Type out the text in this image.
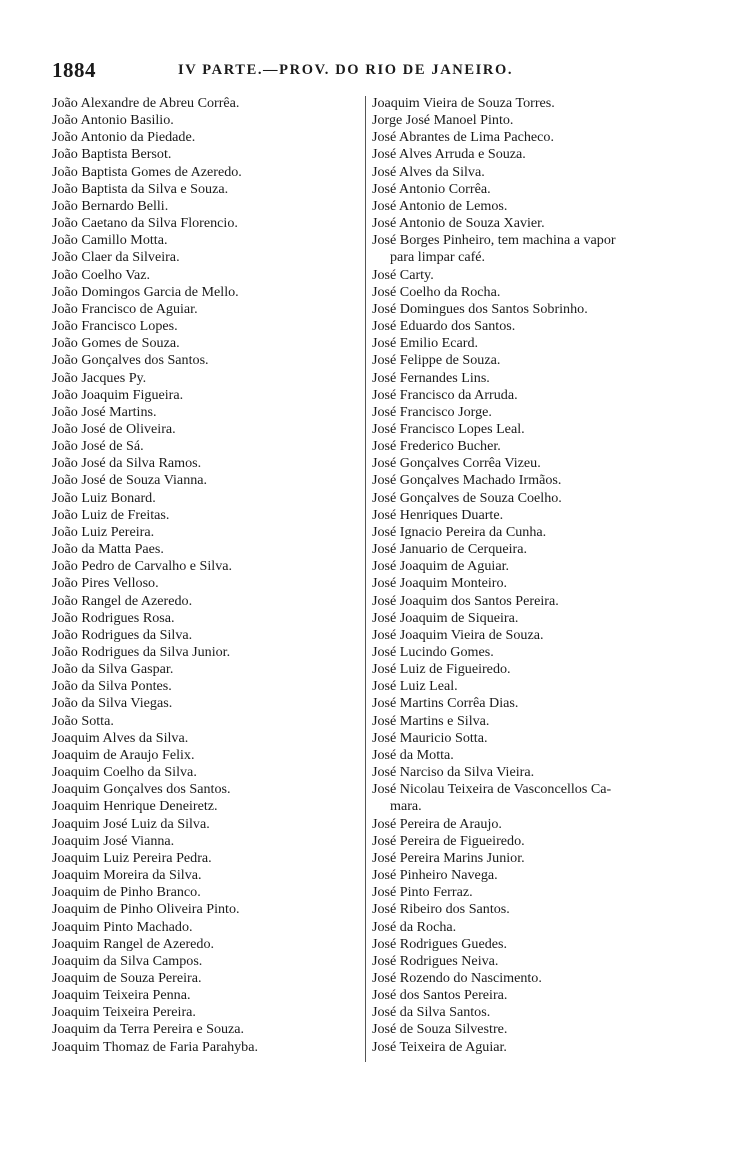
1884	IV PARTE.—PROV. DO RIO DE JANEIRO.
João Alexandre de Abreu Corrêa.
João Antonio Basilio.
João Antonio da Piedade.
João Baptista Bersot.
João Baptista Gomes de Azeredo.
João Baptista da Silva e Souza.
João Bernardo Belli.
João Caetano da Silva Florencio.
João Camillo Motta.
João Claer da Silveira.
João Coelho Vaz.
João Domingos Garcia de Mello.
João Francisco de Aguiar.
João Francisco Lopes.
João Gomes de Souza.
João Gonçalves dos Santos.
João Jacques Py.
João Joaquim Figueira.
João José Martins.
João José de Oliveira.
João José de Sá.
João José da Silva Ramos.
João José de Souza Vianna.
João Luiz Bonard.
João Luiz de Freitas.
João Luiz Pereira.
João da Matta Paes.
João Pedro de Carvalho e Silva.
João Pires Velloso.
João Rangel de Azeredo.
João Rodrigues Rosa.
João Rodrigues da Silva.
João Rodrigues da Silva Junior.
João da Silva Gaspar.
João da Silva Pontes.
João da Silva Viegas.
João Sotta.
Joaquim Alves da Silva.
Joaquim de Araujo Felix.
Joaquim Coelho da Silva.
Joaquim Gonçalves dos Santos.
Joaquim Henrique Deneiretz.
Joaquim José Luiz da Silva.
Joaquim José Vianna.
Joaquim Luiz Pereira Pedra.
Joaquim Moreira da Silva.
Joaquim de Pinho Branco.
Joaquim de Pinho Oliveira Pinto.
Joaquim Pinto Machado.
Joaquim Rangel de Azeredo.
Joaquim da Silva Campos.
Joaquim de Souza Pereira.
Joaquim Teixeira Penna.
Joaquim Teixeira Pereira.
Joaquim da Terra Pereira e Souza.
Joaquim Thomaz de Faria Parahyba.
Joaquim Vieira de Souza Torres.
Jorge José Manoel Pinto.
José Abrantes de Lima Pacheco.
José Alves Arruda e Souza.
José Alves da Silva.
José Antonio Corrêa.
José Antonio de Lemos.
José Antonio de Souza Xavier.
José Borges Pinheiro, tem machina a vapor
para limpar café.
José Carty.
José Coelho da Rocha.
José Domingues dos Santos Sobrinho.
José Eduardo dos Santos.
José Emilio Ecard.
José Felippe de Souza.
José Fernandes Lins.
José Francisco da Arruda.
José Francisco Jorge.
José Francisco Lopes Leal.
José Frederico Bucher.
José Gonçalves Corrêa Vizeu.
José Gonçalves Machado Irmãos.
José Gonçalves de Souza Coelho.
José Henriques Duarte.
José Ignacio Pereira da Cunha.
José Januario de Cerqueira.
José Joaquim de Aguiar.
José Joaquim Monteiro.
José Joaquim dos Santos Pereira.
José Joaquim de Siqueira.
José Joaquim Vieira de Souza.
José Lucindo Gomes.
José Luiz de Figueiredo.
José Luiz Leal.
José Martins Corrêa Dias.
José Martins e Silva.
José Mauricio Sotta.
José da Motta.
José Narciso da Silva Vieira.
José Nicolau Teixeira de Vasconcellos Ca-
mara.
José Pereira de Araujo.
José Pereira de Figueiredo.
José Pereira Marins Junior.
José Pinheiro Navega.
José Pinto Ferraz.
José Ribeiro dos Santos.
José da Rocha.
José Rodrigues Guedes.
José Rodrigues Neiva.
José Rozendo do Nascimento.
José dos Santos Pereira.
José da Silva Santos.
José de Souza Silvestre.
José Teixeira de Aguiar.
